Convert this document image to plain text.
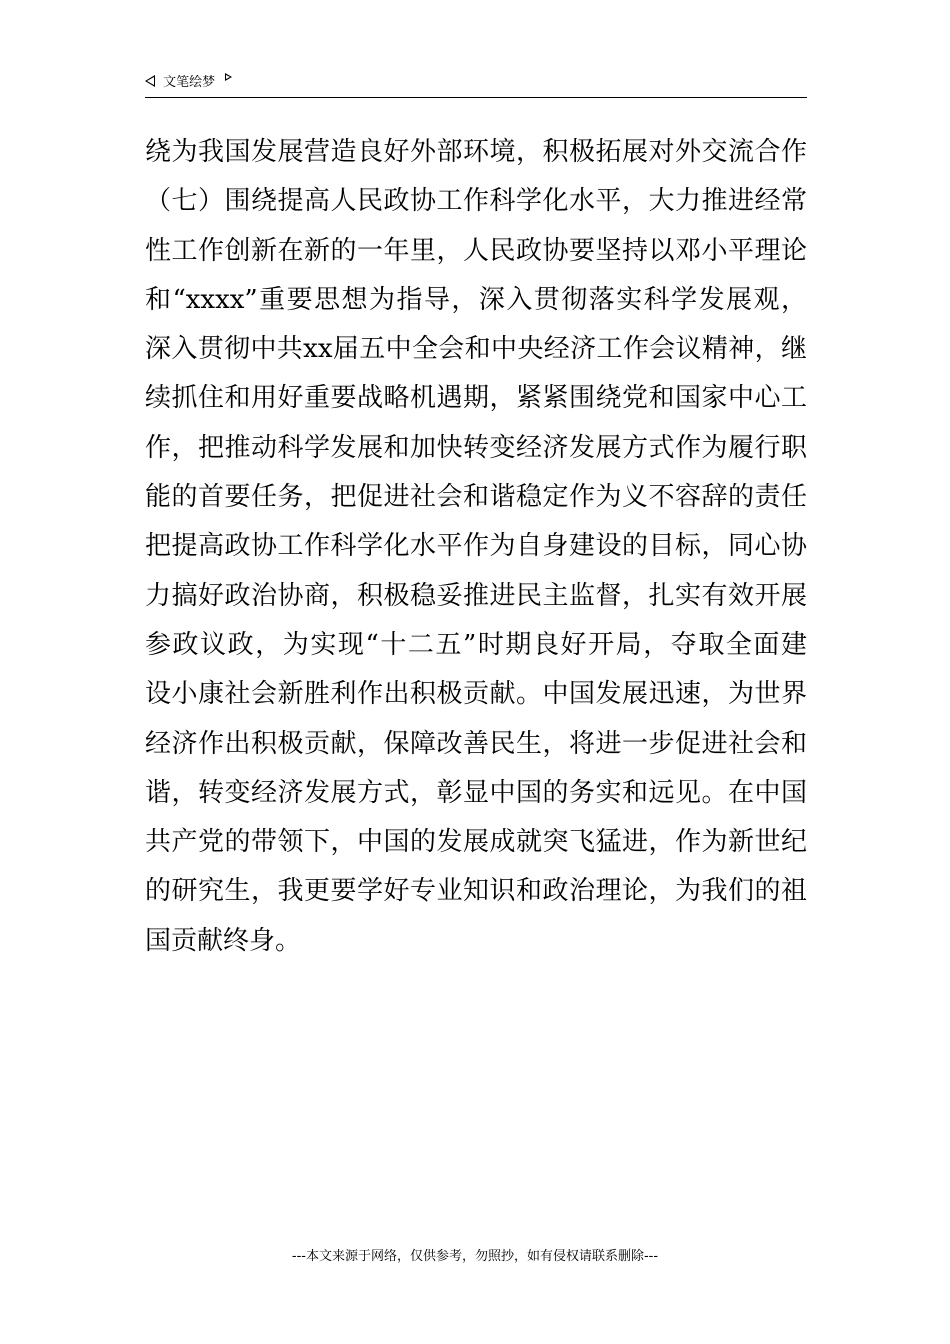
文笔绘梦
绕为我国发展营造良好外部环境，积极拓展对外交流合作
（七）围绕提高人民政协工作科学化水平，大力推进经常
性工作创新在新的一年里，人民政协要坚持以邓小平理论
和“xxxx”重要思想为指导，深入贯彻落实科学发展观，
深入贯彻中共xx届五中全会和中央经济工作会议精神，继
续抓住和用好重要战略机遇期，紧紧围绕党和国家中心工
作，把推动科学发展和加快转变经济发展方式作为履行职
能的首要任务，把促进社会和谐稳定作为义不容辞的责任
把提高政协工作科学化水平作为自身建设的目标，同心协
力搞好政治协商，积极稳妥推进民主监督，扎实有效开展
参政议政，为实现“十二五”时期良好开局，夺取全面建
设小康社会新胜利作出积极贡献。中国发展迅速，为世界
经济作出积极贡献，保障改善民生，将进一步促进社会和
谐，转变经济发展方式，彰显中国的务实和远见。在中国
共产党的带领下，中国的发展成就突飞猛进，作为新世纪
的研究生，我更要学好专业知识和政治理论，为我们的祖
国贡献终身。
---本文来源于网络，仅供参考，勿照抄，如有侵权请联系删除---
